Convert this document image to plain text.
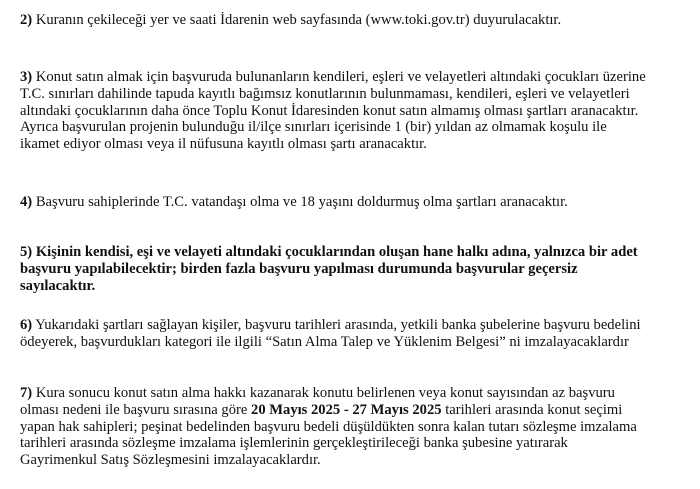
2) Kuranın çekileceği yer ve saati İdarenin web sayfasında (www.toki.gov.tr) duyurulacaktır.

3) Konut satın almak için başvuruda bulunanların kendileri, eşleri ve velayetleri altındaki çocukları üzerine
T.C. sınırları dahilinde tapuda kayıtlı bağımsız konutlarının bulunmaması, kendileri, eşleri ve velayetleri
altındaki çocuklarının daha önce Toplu Konut İdaresinden konut satın almamış olması şartları aranacaktır.
Ayrıca başvurulan projenin bulunduğu il/ilçe sınırları içerisinde 1 (bir) yıldan az olmamak koşulu ile
ikamet ediyor olması veya il nüfusuna kayıtlı olması şartı aranacaktır.

4) Başvuru sahiplerinde T.C. vatandaşı olma ve 18 yaşını doldurmuş olma şartları aranacaktır.

5) Kişinin kendisi, eşi ve velayeti altındaki çocuklarından oluşan hane halkı adına, yalnızca bir adet
başvuru yapılabilecektir; birden fazla başvuru yapılması durumunda başvurular geçersiz
sayılacaktır.

6) Yukarıdaki şartları sağlayan kişiler, başvuru tarihleri arasında, yetkili banka şubelerine başvuru bedelini
ödeyerek, başvurdukları kategori ile ilgili “Satın Alma Talep ve Yüklenim Belgesi” ni imzalayacaklardır

7) Kura sonucu konut satın alma hakkı kazanarak konutu belirlenen veya konut sayısından az başvuru
olması nedeni ile başvuru sırasına göre 20 Mayıs 2025 - 27 Mayıs 2025 tarihleri arasında konut seçimi
yapan hak sahipleri; peşinat bedelinden başvuru bedeli düşüldükten sonra kalan tutarı sözleşme imzalama
tarihleri arasında sözleşme imzalama işlemlerinin gerçekleştirileceği banka şubesine yatırarak
Gayrimenkul Satış Sözleşmesini imzalayacaklardır.
